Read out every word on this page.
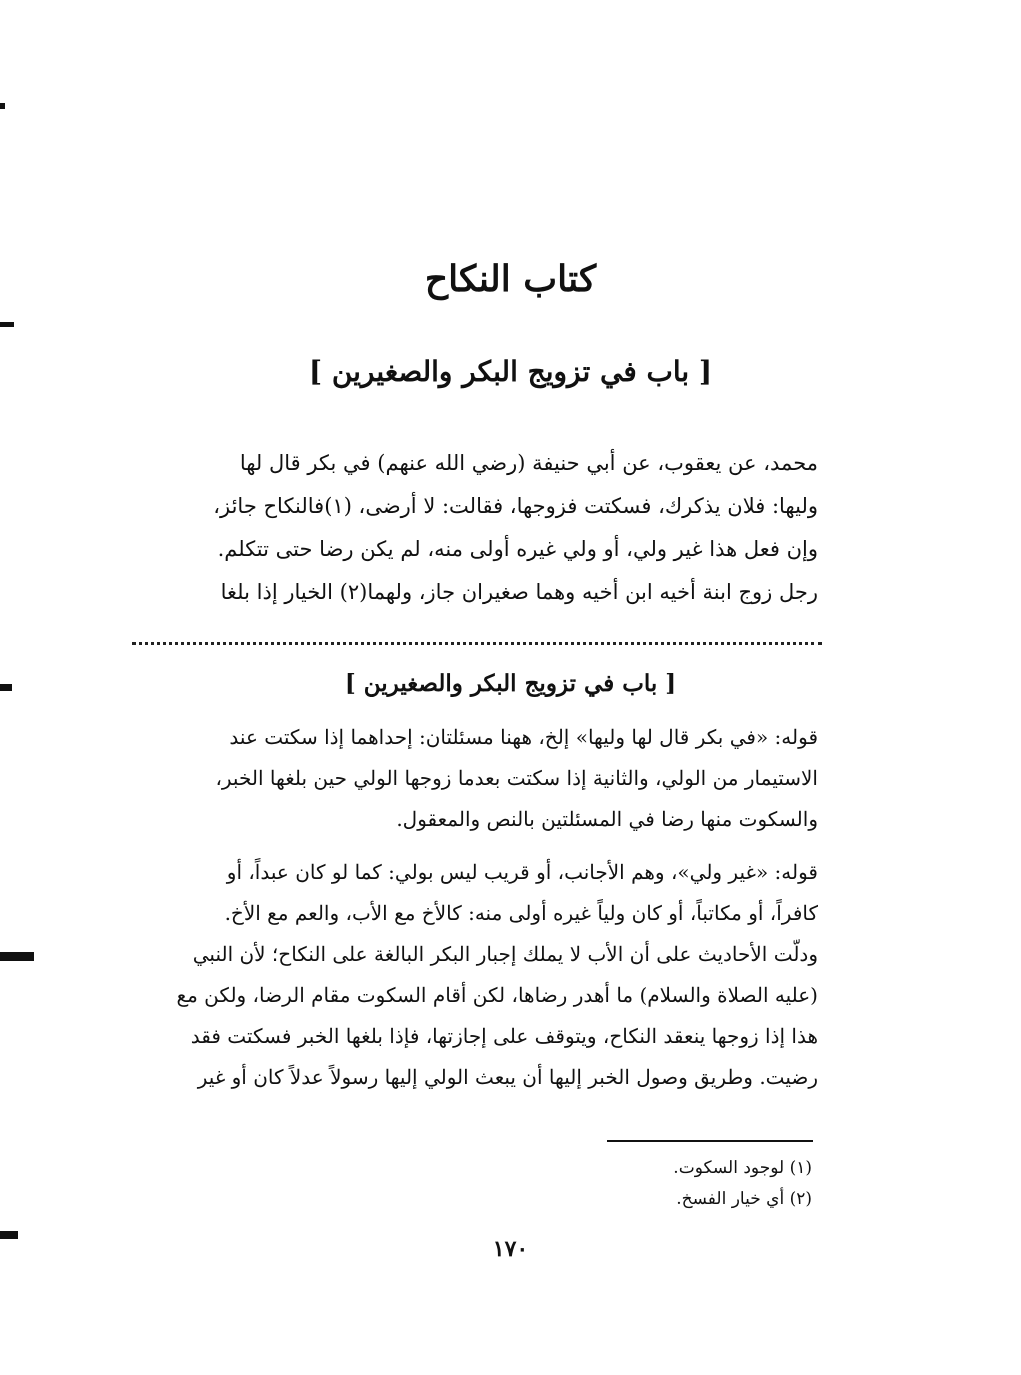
كتاب النكاح
[ باب في تزويج البكر والصغيرين ]
محمد، عن يعقوب، عن أبي حنيفة (رضي الله عنهم) في بكر قال لها
وليها: فلان يذكرك، فسكتت فزوجها، فقالت: لا أرضى، (١)فالنكاح جائز،
وإن فعل هذا غير ولي، أو ولي غيره أولى منه، لم يكن رضا حتى تتكلم.
رجل زوج ابنة أخيه ابن أخيه وهما صغيران جاز، ولهما(٢) الخيار إذا بلغا
[ باب في تزويج البكر والصغيرين ]
قوله: «في بكر قال لها وليها» إلخ، ههنا مسئلتان: إحداهما إذا سكتت عند
الاستيمار من الولي، والثانية إذا سكتت بعدما زوجها الولي حين بلغها الخبر،
والسكوت منها رضا في المسئلتين بالنص والمعقول.
قوله: «غير ولي»، وهم الأجانب، أو قريب ليس بولي: كما لو كان عبداً، أو
كافراً، أو مكاتباً، أو كان ولياً غيره أولى منه: كالأخ مع الأب، والعم مع الأخ.
ودلّت الأحاديث على أن الأب لا يملك إجبار البكر البالغة على النكاح؛ لأن النبي
(عليه الصلاة والسلام) ما أهدر رضاها، لكن أقام السكوت مقام الرضا، ولكن مع
هذا إذا زوجها ينعقد النكاح، ويتوقف على إجازتها، فإذا بلغها الخبر فسكتت فقد
رضيت. وطريق وصول الخبر إليها أن يبعث الولي إليها رسولاً عدلاً كان أو غير
(١) لوجود السكوت.
(٢) أي خيار الفسخ.
١٧٠
